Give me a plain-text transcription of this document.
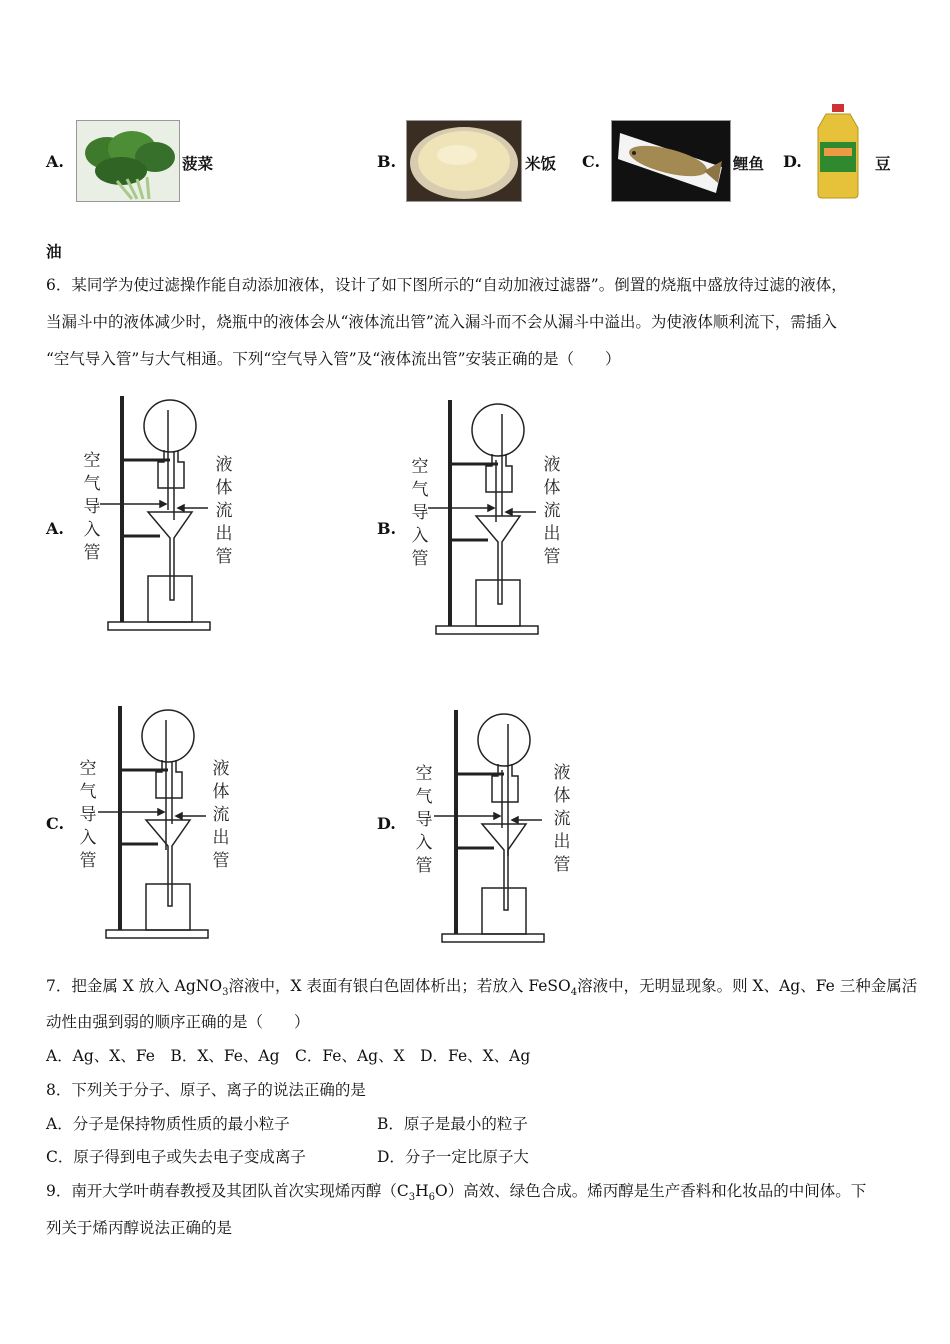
A.	菠菜	B.	米饭 C.	鲤鱼 D.	豆
油
6．某同学为使过滤操作能自动添加液体，设计了如下图所示的“自动加液过滤器”。倒置的烧瓶中盛放待过滤的液体，
当漏斗中的液体减少时，烧瓶中的液体会从“液体流出管”流入漏斗而不会从漏斗中溢出。为使液体顺利流下，需插入
“空气导入管”与大气相通。下列“空气导入管”及“液体流出管”安装正确的是（　　）
A.
空气导入管
液体流出管
B.
空气导入管
液体流出管
C.
空气导入管
液体流出管
D.
空气导入管
液体流出管
7．把金属 X 放入 AgNO$_3$溶液中，X 表面有银白色固体析出；若放入 FeSO$_4$溶液中，无明显现象。则 X、Ag、Fe 三种金属活
动性由强到弱的顺序正确的是（　　）
A．Ag、X、Fe　B．X、Fe、Ag　C．Fe、Ag、X　D．Fe、X、Ag
8．下列关于分子、原子、离子的说法正确的是
A．分子是保持物质性质的最小粒子	B．原子是最小的粒子
C．原子得到电子或失去电子变成离子	D．分子一定比原子大
9．南开大学叶萌春教授及其团队首次实现烯丙醇$(C_3H_6O)$高效、绿色合成。烯丙醇是生产香料和化妆品的中间体。下
列关于烯丙醇说法正确的是
